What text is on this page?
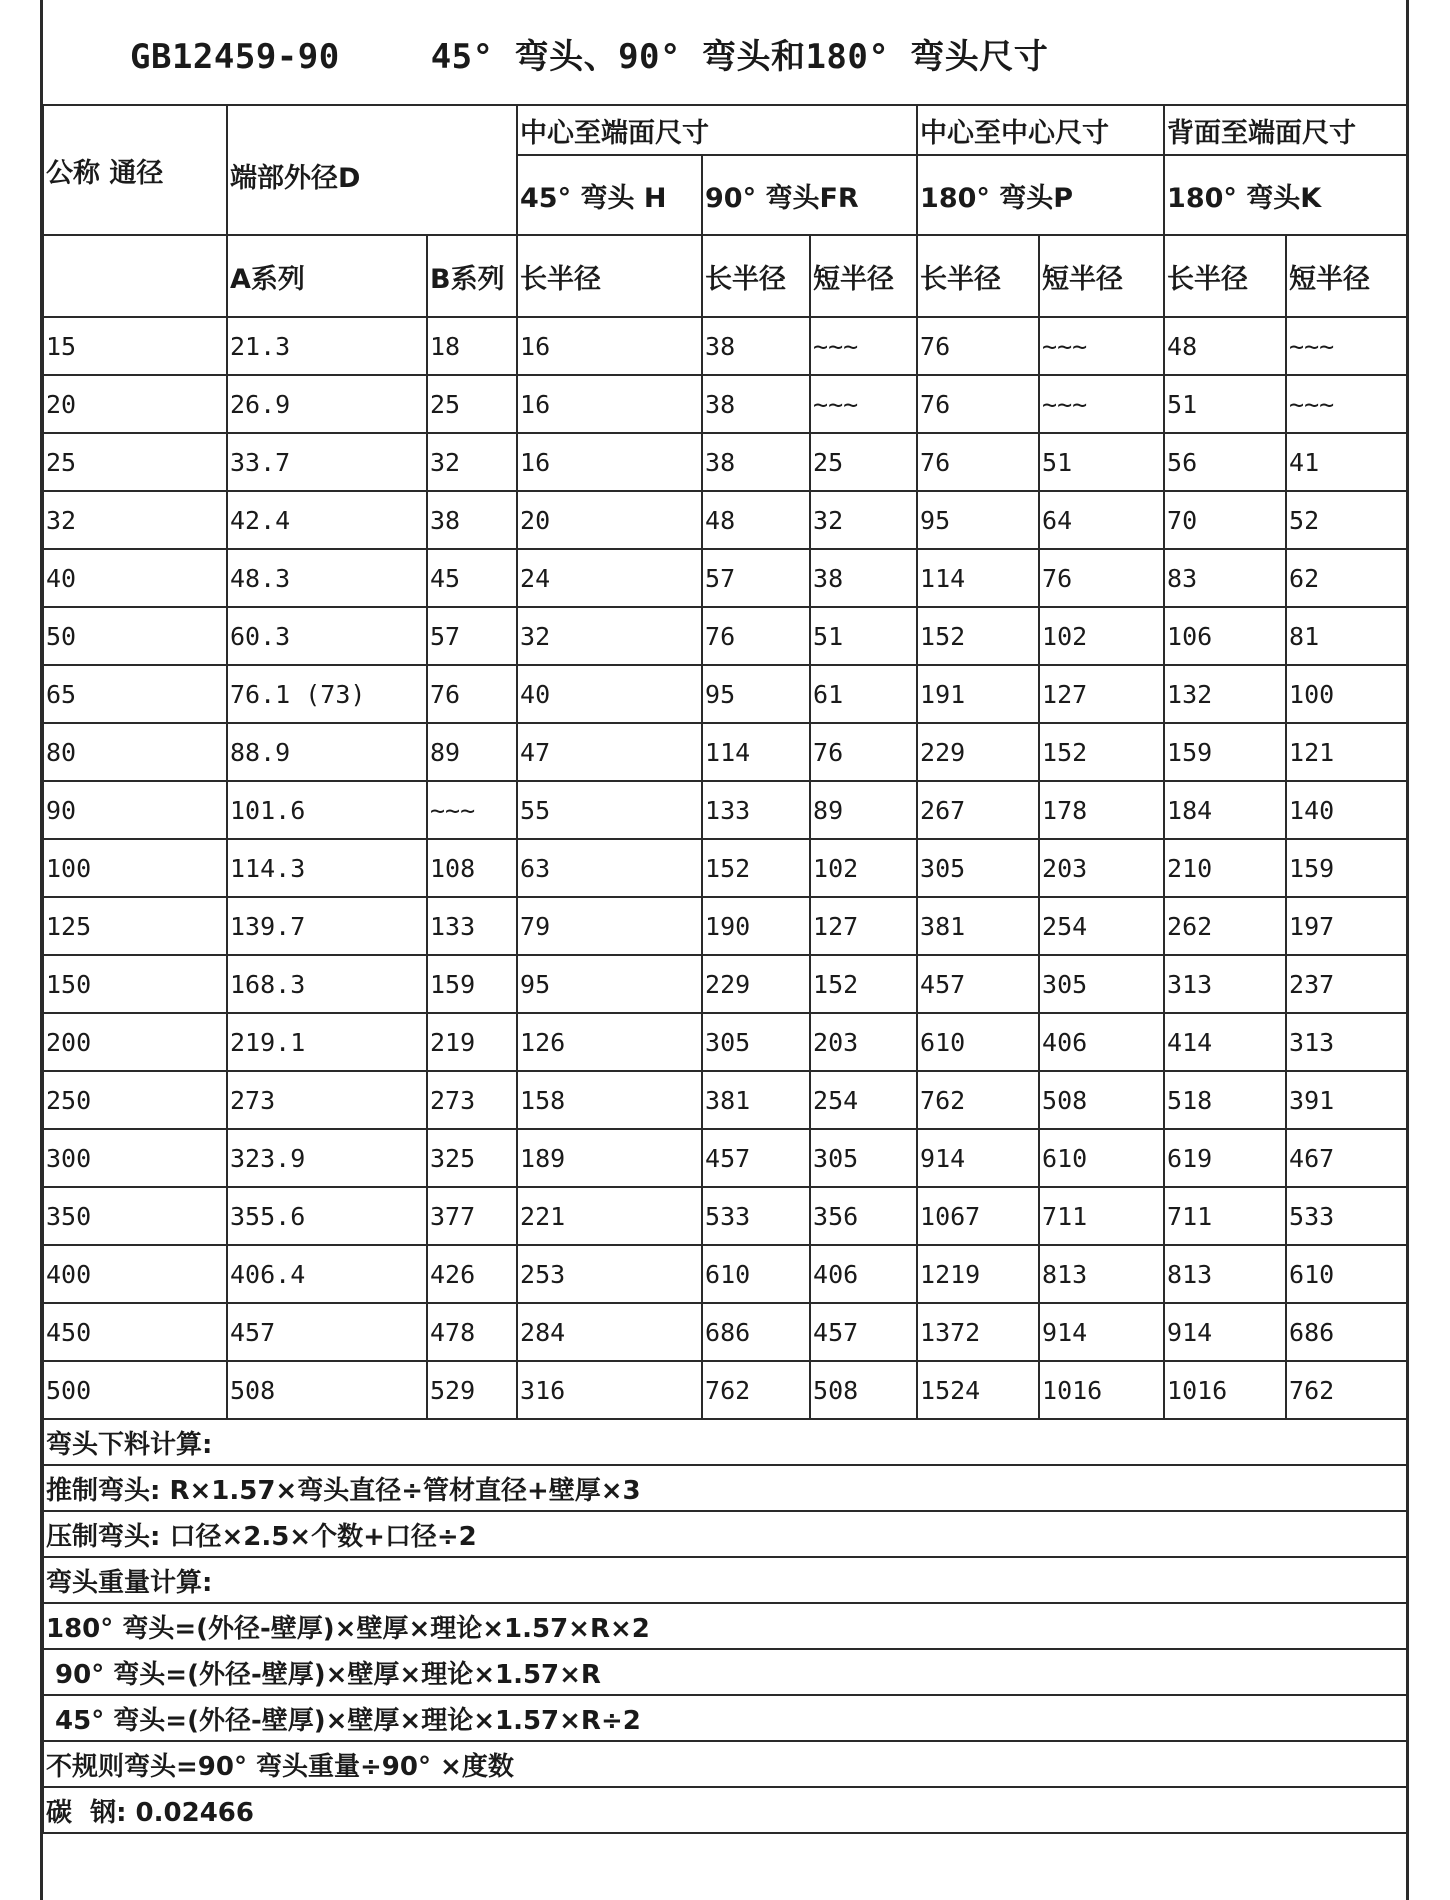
GB12459-90	45° 弯头、90° 弯头和180° 弯头尺寸
公称 通径	端部外径D		中心至端面尺寸			中心至中心尺寸		背面至端面尺寸	
			45° 弯头 H	90° 弯头FR		180° 弯头P		180° 弯头K	
	A系列	B系列	长半径	长半径	短半径	长半径	短半径	长半径	短半径
15	21.3	18	16	38	~~~	76	~~~	48	~~~
20	26.9	25	16	38	~~~	76	~~~	51	~~~
25	33.7	32	16	38	25	76	51	56	41
32	42.4	38	20	48	32	95	64	70	52
40	48.3	45	24	57	38	114	76	83	62
50	60.3	57	32	76	51	152	102	106	81
65	76.1 (73)	76	40	95	61	191	127	132	100
80	88.9	89	47	114	76	229	152	159	121
90	101.6	~~~	55	133	89	267	178	184	140
100	114.3	108	63	152	102	305	203	210	159
125	139.7	133	79	190	127	381	254	262	197
150	168.3	159	95	229	152	457	305	313	237
200	219.1	219	126	305	203	610	406	414	313
250	273	273	158	381	254	762	508	518	391
300	323.9	325	189	457	305	914	610	619	467
350	355.6	377	221	533	356	1067	711	711	533
400	406.4	426	253	610	406	1219	813	813	610
450	457	478	284	686	457	1372	914	914	686
500	508	529	316	762	508	1524	1016	1016	762
弯头下料计算:									
推制弯头: R×1.57×弯头直径÷管材直径+壁厚×3									
压制弯头: 口径×2.5×个数+口径÷2									
弯头重量计算:									
180° 弯头=(外径-壁厚)×壁厚×理论×1.57×R×2									
90° 弯头=(外径-壁厚)×壁厚×理论×1.57×R									
45° 弯头=(外径-壁厚)×壁厚×理论×1.57×R÷2									
不规则弯头=90° 弯头重量÷90° ×度数									
碳  钢: 0.02466									
